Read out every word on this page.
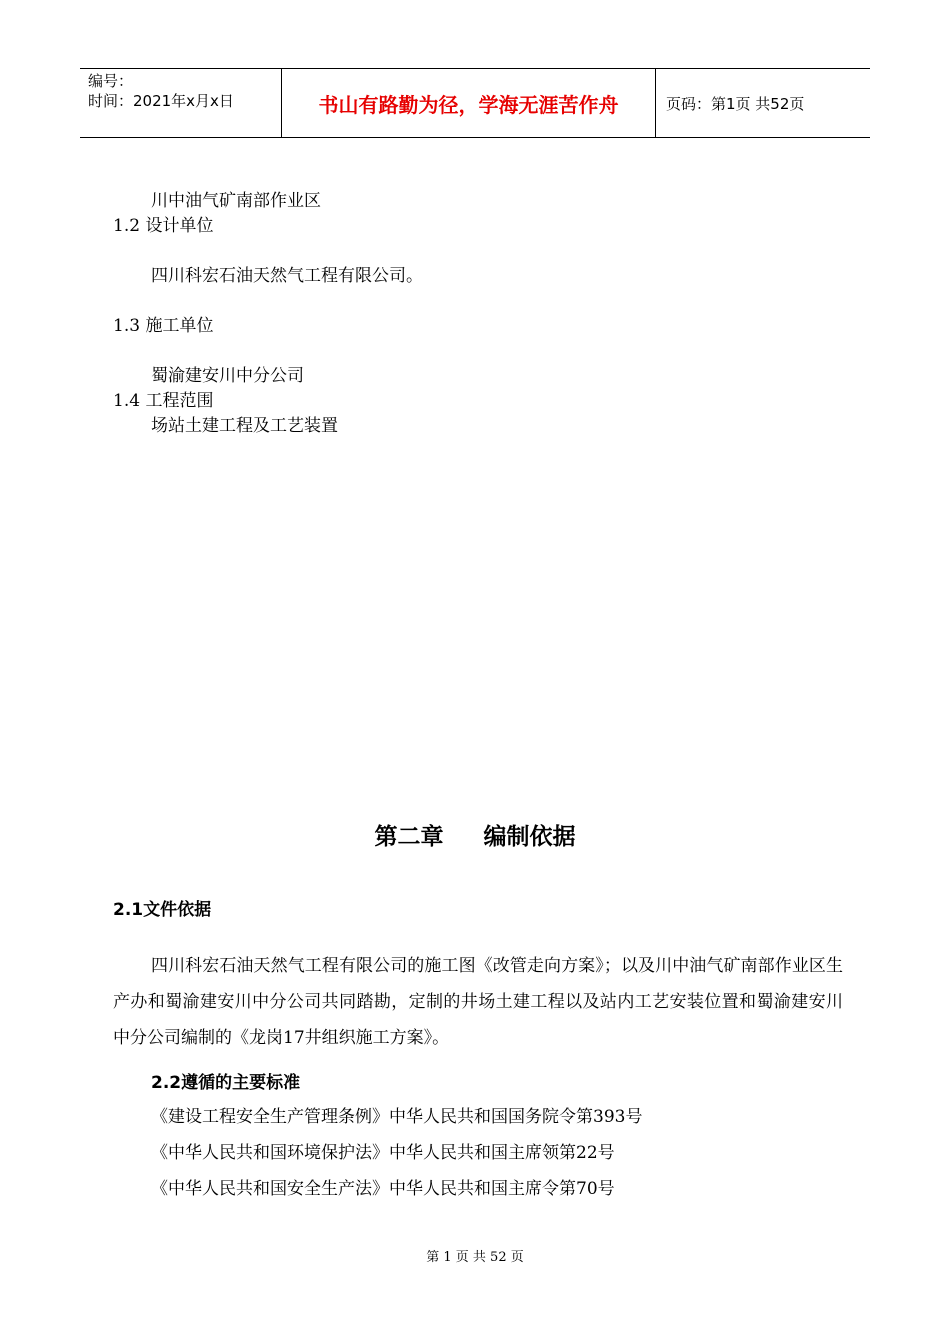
编号：
时间：2021年x月x日	书山有路勤为径，学海无涯苦作舟	页码：第1页 共52页
川中油气矿南部作业区
1.2 设计单位
四川科宏石油天然气工程有限公司。
1.3 施工单位
蜀渝建安川中分公司
1.4 工程范围
场站土建工程及工艺装置
第二章 编制依据
2.1文件依据
四川科宏石油天然气工程有限公司的施工图《改管走向方案》；以及川中油气矿南部作业区生产办和蜀渝建安川中分公司共同踏勘，定制的井场土建工程以及站内工艺安装位置和蜀渝建安川中分公司编制的《龙岗17井组织施工方案》。
2.2遵循的主要标准
《建设工程安全生产管理条例》中华人民共和国国务院令第393号
《中华人民共和国环境保护法》中华人民共和国主席领第22号
《中华人民共和国安全生产法》中华人民共和国主席令第70号
第 1 页 共 52 页
